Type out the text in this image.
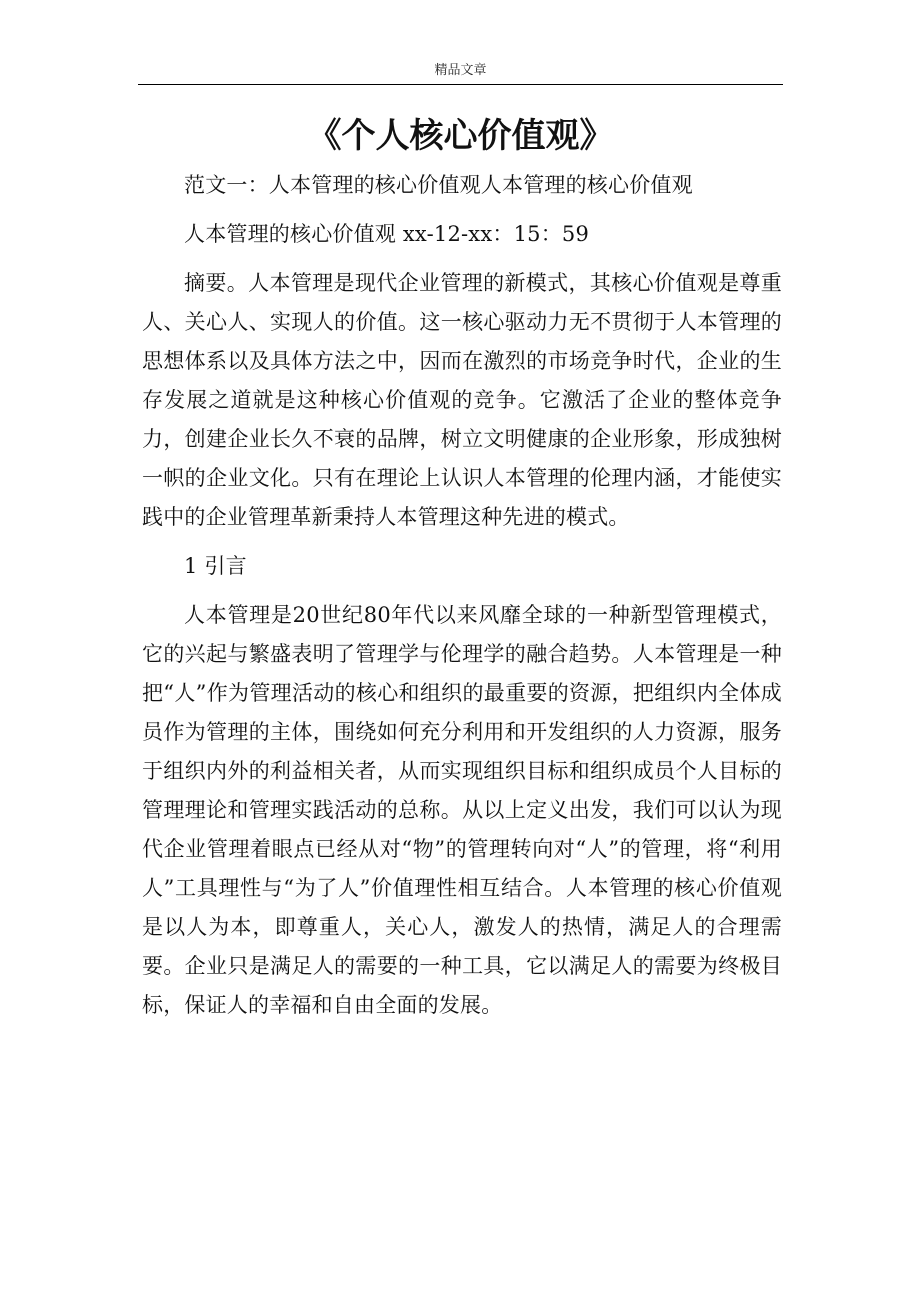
精品文章
《个人核心价值观》

范文一：人本管理的核心价值观人本管理的核心价值观

人本管理的核心价值观 xx-12-xx：15：59

摘要。人本管理是现代企业管理的新模式，其核心价值观是尊重人、关心人、实现人的价值。这一核心驱动力无不贯彻于人本管理的思想体系以及具体方法之中，因而在激烈的市场竞争时代，企业的生存发展之道就是这种核心价值观的竞争。它激活了企业的整体竞争力，创建企业长久不衰的品牌，树立文明健康的企业形象，形成独树一帜的企业文化。只有在理论上认识人本管理的伦理内涵，才能使实践中的企业管理革新秉持人本管理这种先进的模式。

1 引言

人本管理是20世纪80年代以来风靡全球的一种新型管理模式，它的兴起与繁盛表明了管理学与伦理学的融合趋势。人本管理是一种把“人”作为管理活动的核心和组织的最重要的资源，把组织内全体成员作为管理的主体，围绕如何充分利用和开发组织的人力资源，服务于组织内外的利益相关者，从而实现组织目标和组织成员个人目标的管理理论和管理实践活动的总称。从以上定义出发，我们可以认为现代企业管理着眼点已经从对“物”的管理转向对“人”的管理，将“利用人”工具理性与“为了人”价值理性相互结合。人本管理的核心价值观是以人为本，即尊重人，关心人，激发人的热情，满足人的合理需要。企业只是满足人的需要的一种工具，它以满足人的需要为终极目标，保证人的幸福和自由全面的发展。
